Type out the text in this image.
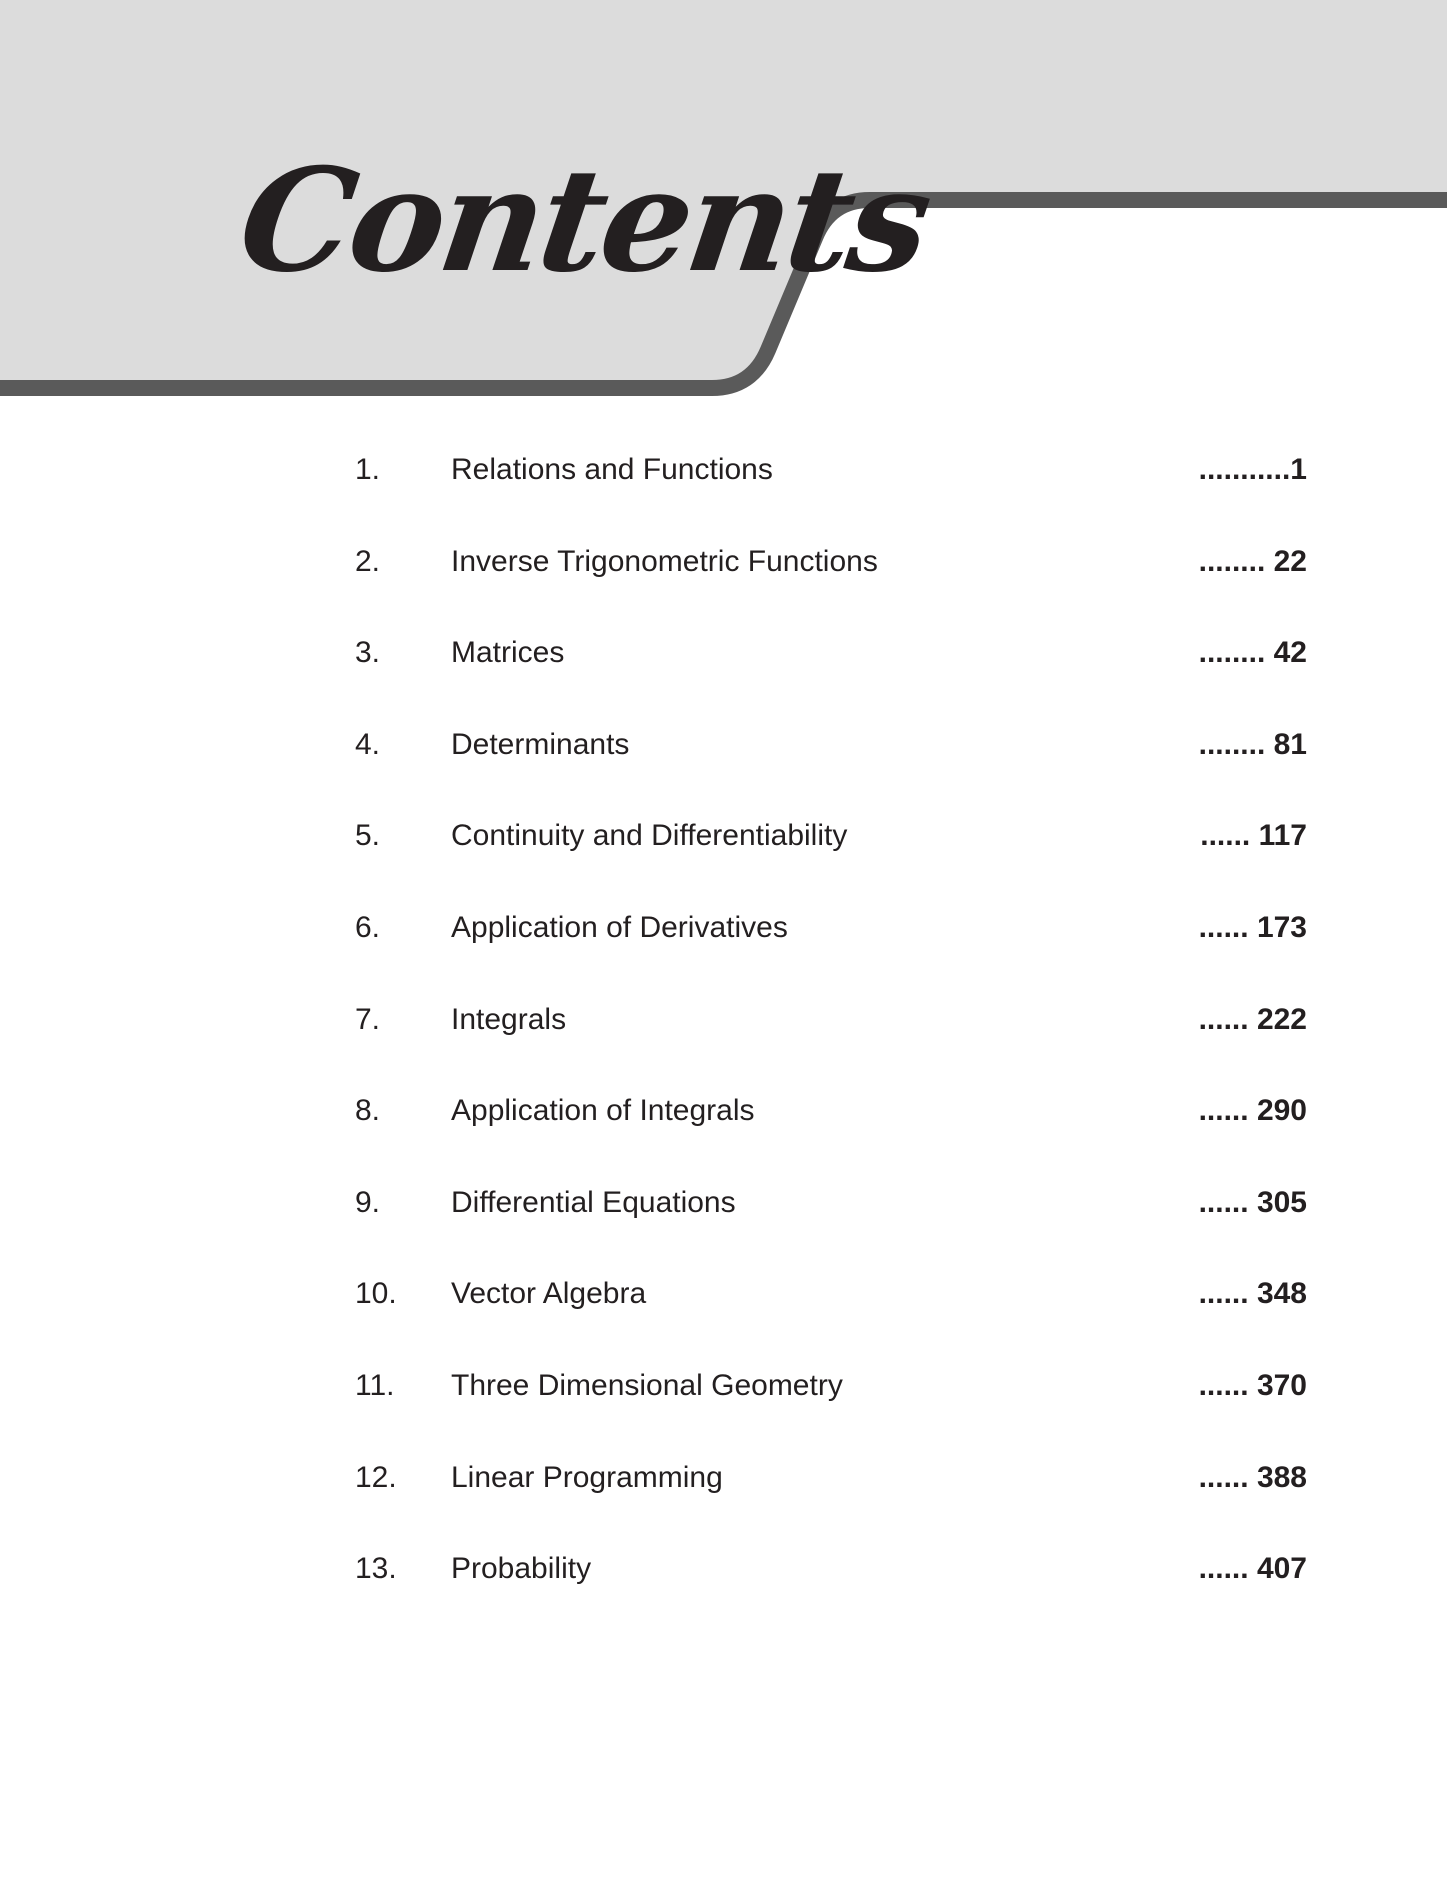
Contents
1. Relations and Functions	...........1
2. Inverse Trigonometric Functions	........ 22
3. Matrices	........ 42
4. Determinants	........ 81
5. Continuity and Differentiability	...... 117
6. Application of Derivatives	...... 173
7. Integrals	...... 222
8. Application of Integrals	...... 290
9. Differential Equations	...... 305
10. Vector Algebra	...... 348
11. Three Dimensional Geometry	...... 370
12. Linear Programming	...... 388
13. Probability	...... 407
